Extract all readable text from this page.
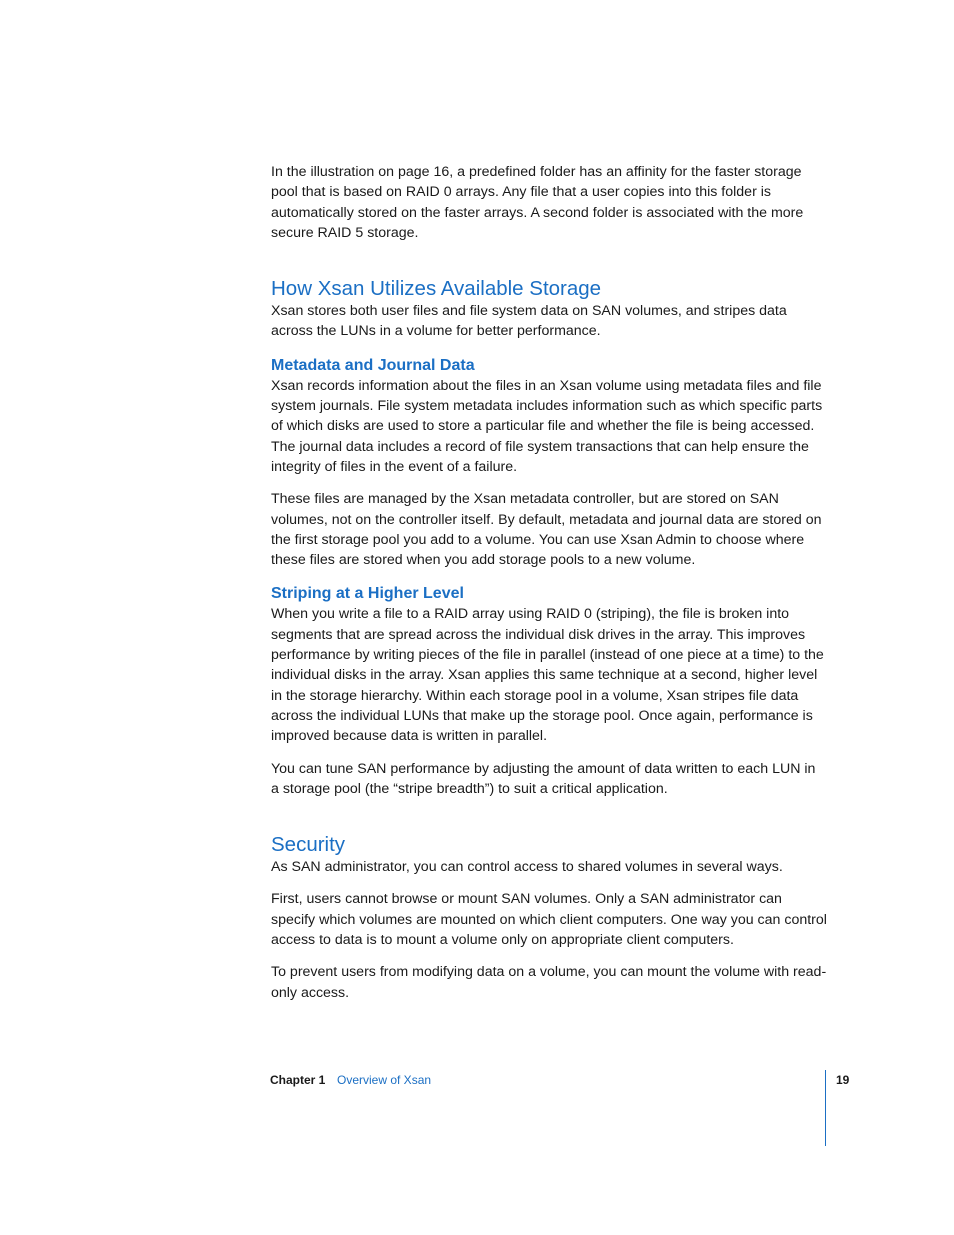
In the illustration on page 16, a predefined folder has an affinity for the faster storage pool that is based on RAID 0 arrays. Any file that a user copies into this folder is automatically stored on the faster arrays. A second folder is associated with the more secure RAID 5 storage.

How Xsan Utilizes Available Storage

Xsan stores both user files and file system data on SAN volumes, and stripes data across the LUNs in a volume for better performance.

Metadata and Journal Data

Xsan records information about the files in an Xsan volume using metadata files and file system journals. File system metadata includes information such as which specific parts of which disks are used to store a particular file and whether the file is being accessed. The journal data includes a record of file system transactions that can help ensure the integrity of files in the event of a failure.

These files are managed by the Xsan metadata controller, but are stored on SAN volumes, not on the controller itself. By default, metadata and journal data are stored on the first storage pool you add to a volume. You can use Xsan Admin to choose where these files are stored when you add storage pools to a new volume.

Striping at a Higher Level

When you write a file to a RAID array using RAID 0 (striping), the file is broken into segments that are spread across the individual disk drives in the array. This improves performance by writing pieces of the file in parallel (instead of one piece at a time) to the individual disks in the array. Xsan applies this same technique at a second, higher level in the storage hierarchy. Within each storage pool in a volume, Xsan stripes file data across the individual LUNs that make up the storage pool. Once again, performance is improved because data is written in parallel.

You can tune SAN performance by adjusting the amount of data written to each LUN in a storage pool (the “stripe breadth”) to suit a critical application.

Security

As SAN administrator, you can control access to shared volumes in several ways.

First, users cannot browse or mount SAN volumes. Only a SAN administrator can specify which volumes are mounted on which client computers. One way you can control access to data is to mount a volume only on appropriate client computers.

To prevent users from modifying data on a volume, you can mount the volume with read-only access.

Chapter 1 Overview of Xsan	19
